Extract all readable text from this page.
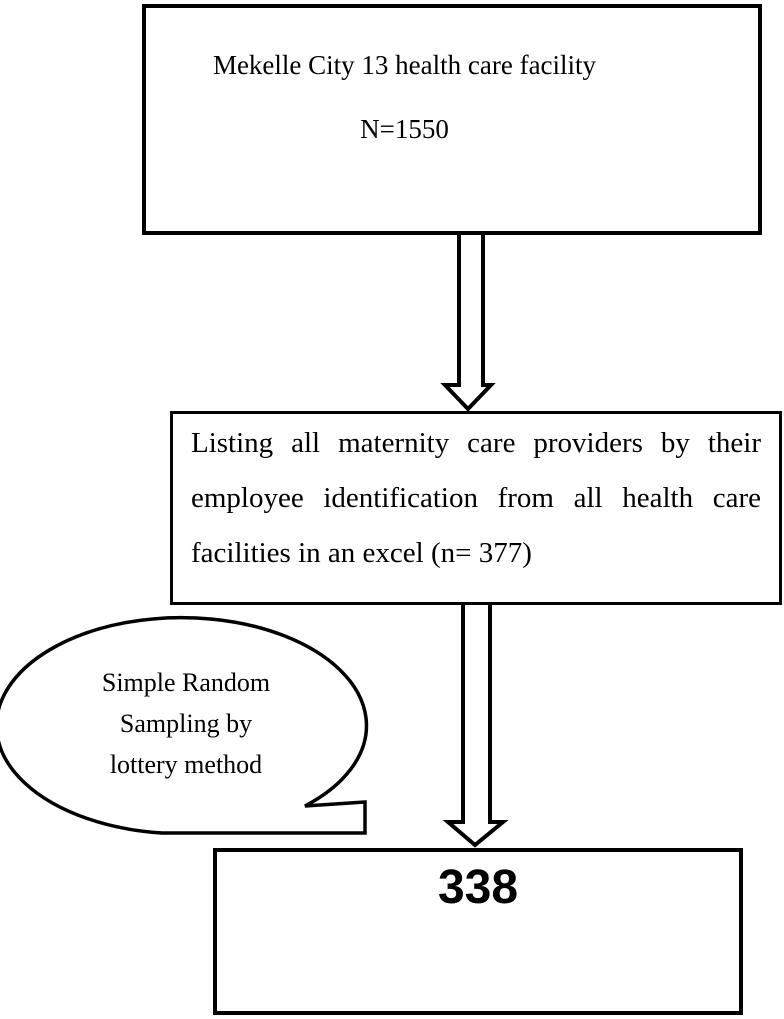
Mekelle City 13 health care facility
N=1550
Listing all maternity care providers by their
employee identification from all health care
facilities in an excel (n= 377)
Simple Random
Sampling by
lottery method
338
